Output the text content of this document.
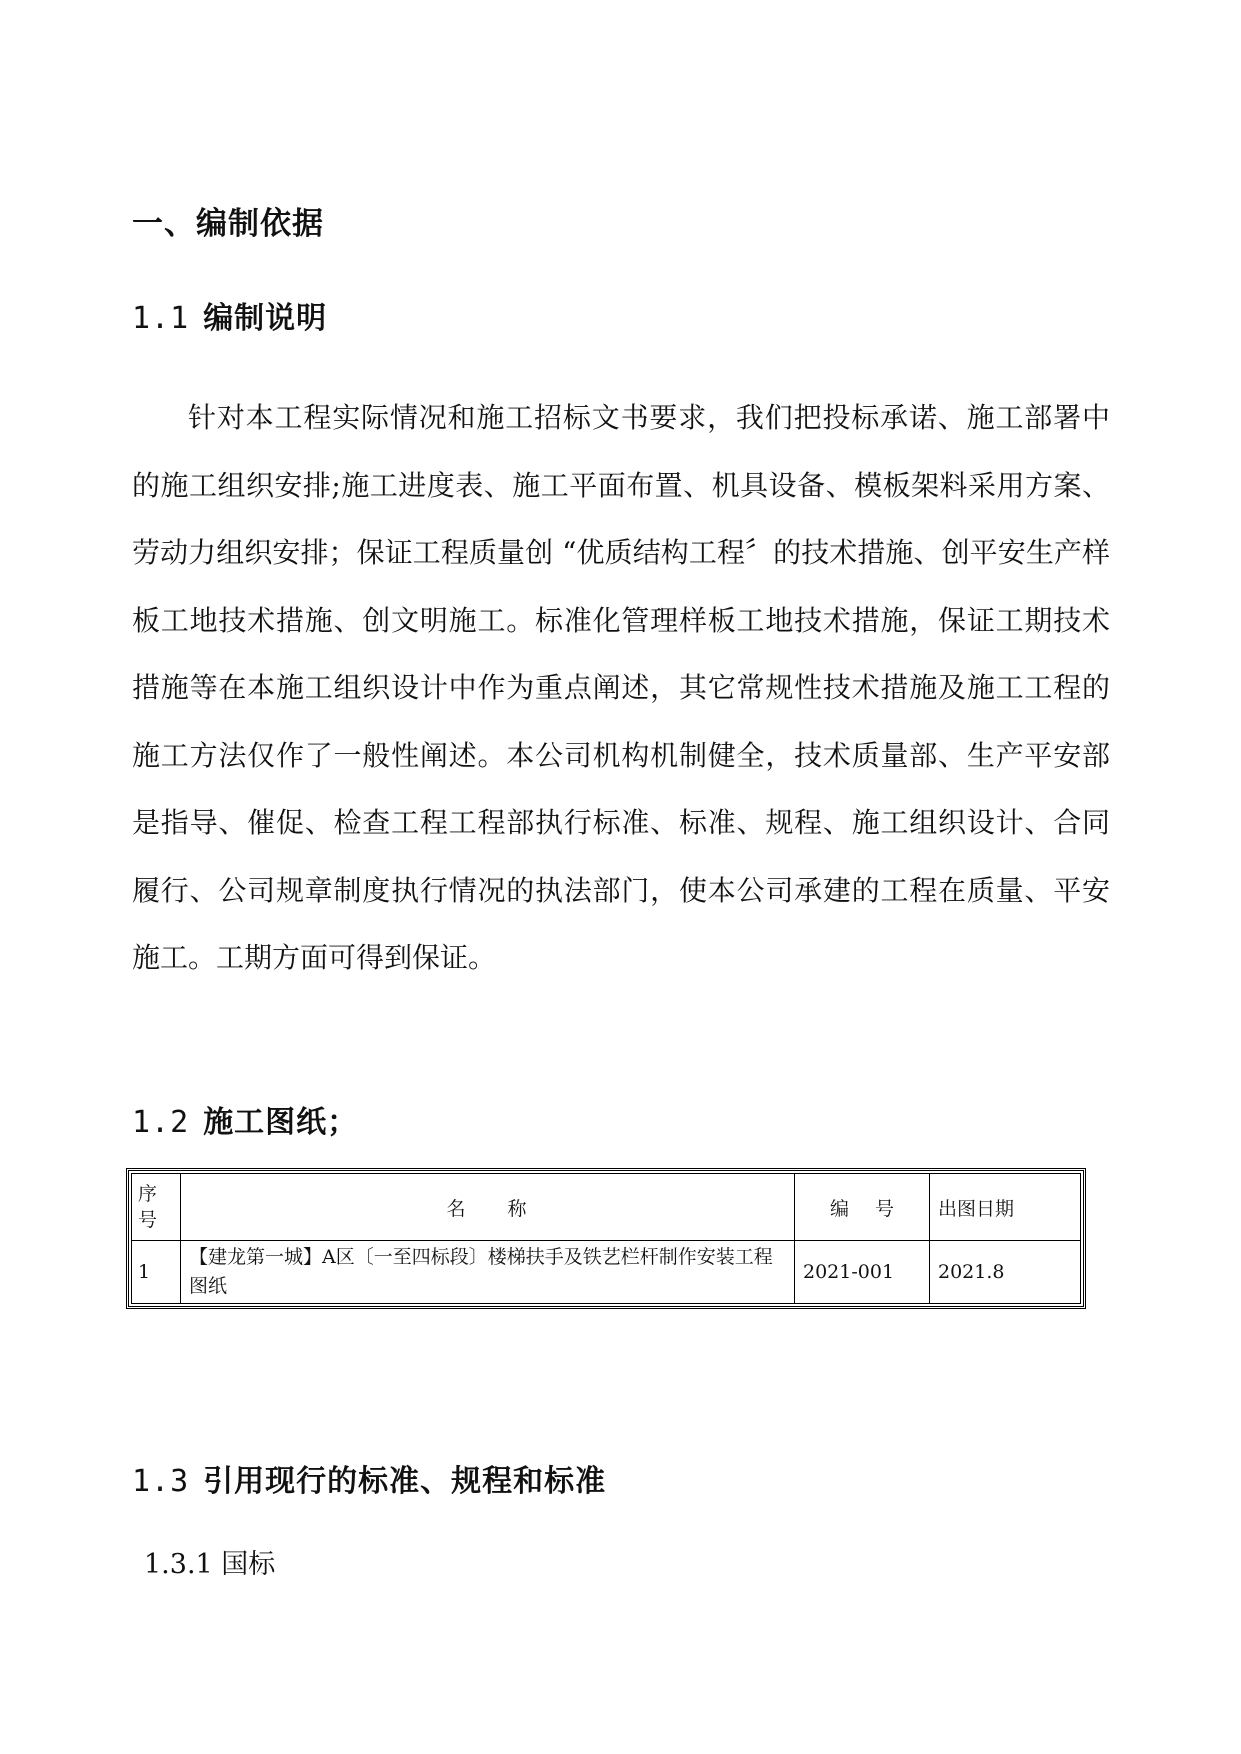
一、编制依据
1.1 编制说明

针对本工程实际情况和施工招标文书要求，我们把投标承诺、施工部署中的施工组织安排;施工进度表、施工平面布置、机具设备、模板架料采用方案、劳动力组织安排；保证工程质量创 “优质结构工程〞的技术措施、创平安生产样板工地技术措施、创文明施工。标准化管理样板工地技术措施，保证工期技术措施等在本施工组织设计中作为重点阐述，其它常规性技术措施及施工工程的施工方法仅作了一般性阐述。本公司机构机制健全，技术质量部、生产平安部是指导、催促、检查工程工程部执行标准、标准、规程、施工组织设计、合同履行、公司规章制度执行情况的执法部门，使本公司承建的工程在质量、平安施工。工期方面可得到保证。

1.2 施工图纸；
序号	名 称	编 号	出图日期
1	【建龙第一城】A区〔一至四标段〕楼梯扶手及铁艺栏杆制作安装工程图纸	2021-001	2021.8
1.3 引用现行的标准、规程和标准
1.3.1 国标
